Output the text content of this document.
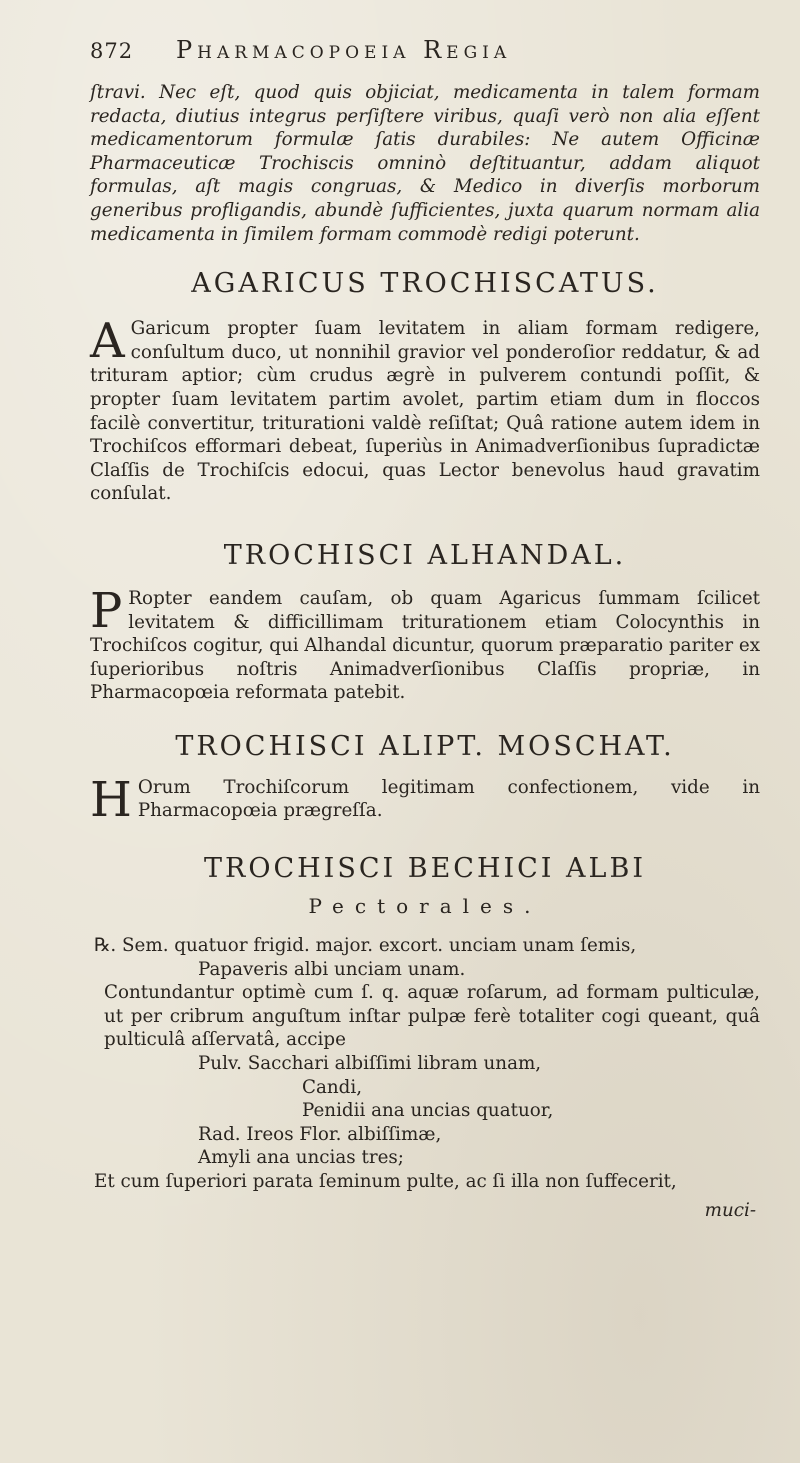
872	Pharmacopoeia Regia

ſtravi. Nec eſt, quod quis objiciat, medicamenta in talem formam redacta, diutius integrus perſiſtere viribus, quaſi verò non alia eſſent medicamentorum formulæ ſatis durabiles: Ne autem Officinæ Pharmaceuticæ Trochiscis omninò deſtituantur, addam aliquot formulas, aſt magis congruas, & Medico in diverſis morborum generibus profligandis, abundè ſufficientes, juxta quarum normam alia medicamenta in ſimilem formam commodè redigi poterunt.

AGARICUS TROCHISCATUS.

A Garicum propter ſuam levitatem in aliam formam redigere, conſultum duco, ut nonnihil gravior vel ponderoſior reddatur, & ad trituram aptior; cùm crudus ægrè in pulverem contundi poſſit, & propter ſuam levitatem partim avolet, partim etiam dum in floccos facilè convertitur, triturationi valdè reſiſtat; Quâ ratione autem idem in Trochiſcos efformari debeat, ſuperiùs in Animadverſionibus ſupradictæ Claſſis de Trochiſcis edocui, quas Lector benevolus haud gravatim conſulat.

TROCHISCI ALHANDAL.

P Ropter eandem cauſam, ob quam Agaricus ſummam ſcilicet levitatem & difficillimam triturationem etiam Colocynthis in Trochiſcos cogitur, qui Alhandal dicuntur, quorum præparatio pariter ex ſuperioribus noſtris Animadverſionibus Claſſis propriæ, in Pharmacopœia reformata patebit.

TROCHISCI ALIPT. MOSCHAT.

H Orum Trochiſcorum legitimam confectionem, vide in Pharmacopœia prægreſſa.

TROCHISCI BECHICI ALBI
Pectorales.
℞. Sem. quatuor frigid. major. excort. unciam unam ſemis,
Papaveris albi unciam unam.

Contundantur optimè cum ſ. q. aquæ roſarum, ad formam pulticulæ, ut per cribrum anguſtum inſtar pulpæ ferè totaliter cogi queant, quâ pulticulâ aſſervatâ, accipe

Pulv. Sacchari albiſſimi libram unam,
Candi,
Penidii ana uncias quatuor,
Rad. Ireos Flor. albiſſimæ,
Amyli ana uncias tres;
Et cum ſuperiori parata ſeminum pulte, ac ſi illa non ſuffecerit,
muci-
